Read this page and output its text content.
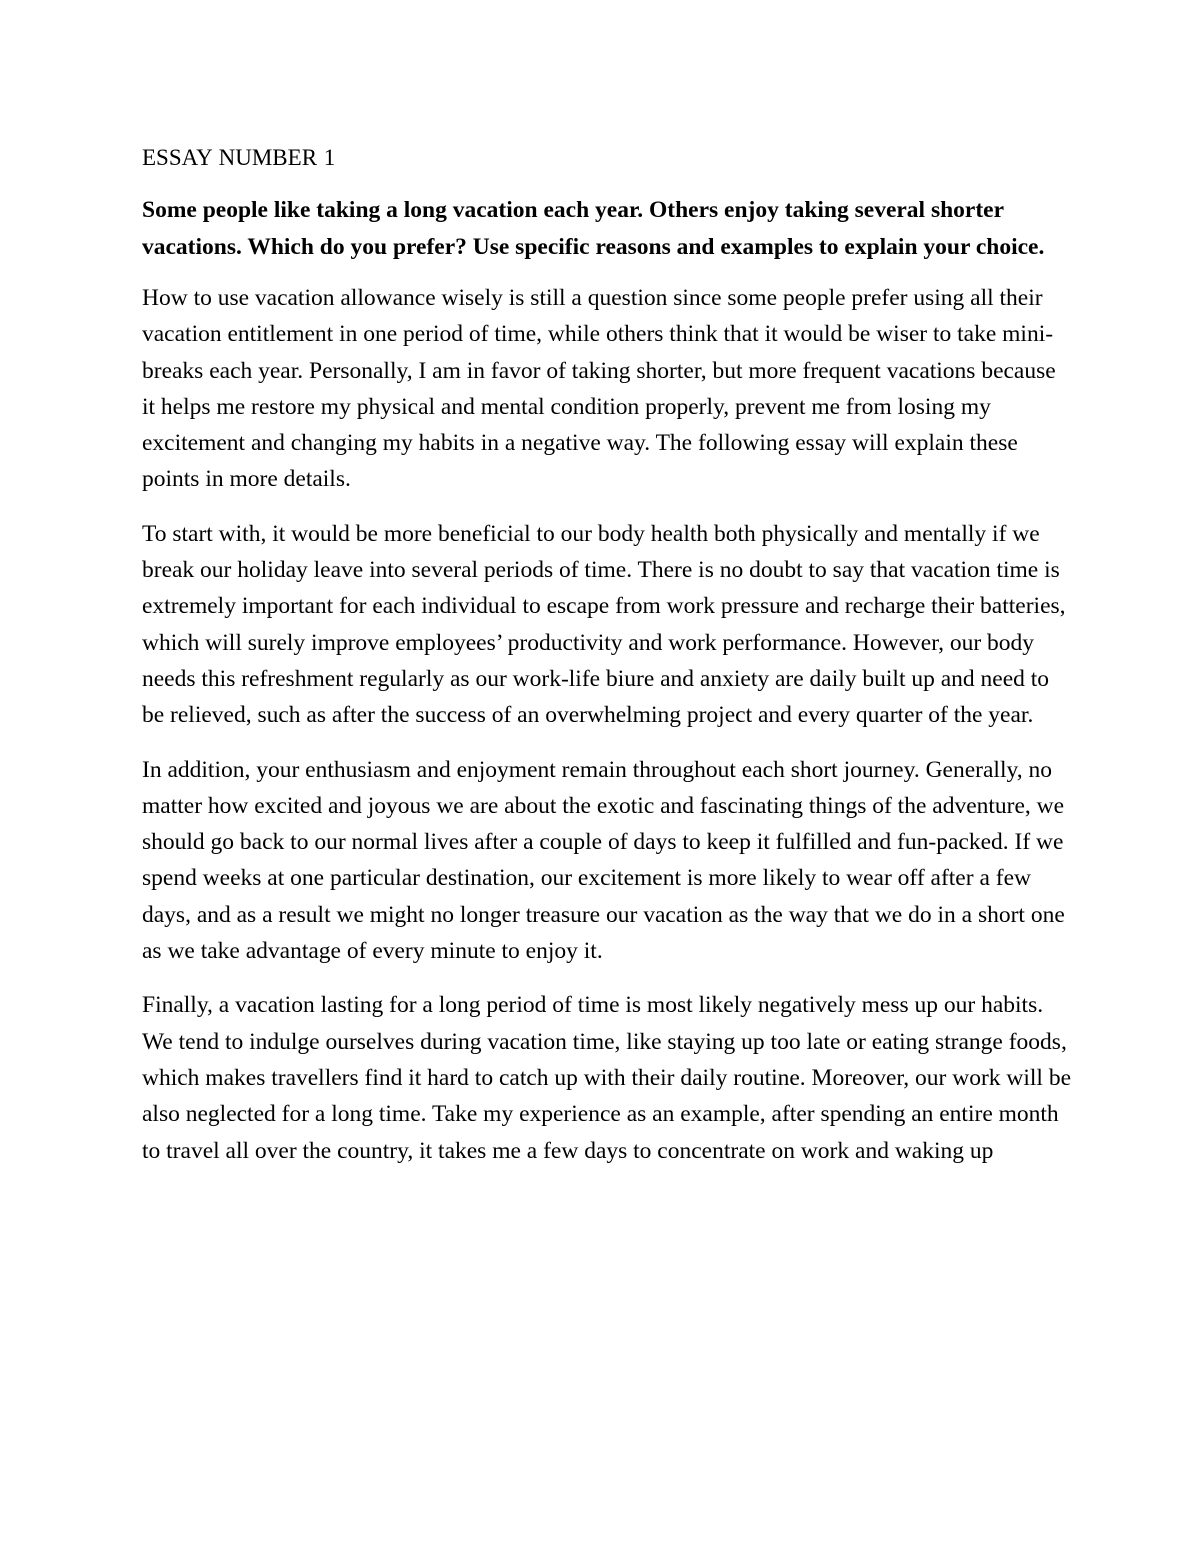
ESSAY NUMBER 1

Some people like taking a long vacation each year. Others enjoy taking several shorter vacations. Which do you prefer? Use specific reasons and examples to explain your choice.

How to use vacation allowance wisely is still a question since some people prefer using all their vacation entitlement in one period of time, while others think that it would be wiser to take mini-breaks each year. Personally, I am in favor of taking shorter, but more frequent vacations because it helps me restore my physical and mental condition properly, prevent me from losing my excitement and changing my habits in a negative way. The following essay will explain these points in more details.

To start with, it would be more beneficial to our body health both physically and mentally if we break our holiday leave into several periods of time. There is no doubt to say that vacation time is extremely important for each individual to escape from work pressure and recharge their batteries, which will surely improve employees’ productivity and work performance. However, our body needs this refreshment regularly as our work-life biure and anxiety are daily built up and need to be relieved, such as after the success of an overwhelming project and every quarter of the year.

In addition, your enthusiasm and enjoyment remain throughout each short journey. Generally, no matter how excited and joyous we are about the exotic and fascinating things of the adventure, we should go back to our normal lives after a couple of days to keep it fulfilled and fun-packed. If we spend weeks at one particular destination, our excitement is more likely to wear off after a few days, and as a result we might no longer treasure our vacation as the way that we do in a short one as we take advantage of every minute to enjoy it.

Finally, a vacation lasting for a long period of time is most likely negatively mess up our habits. We tend to indulge ourselves during vacation time, like staying up too late or eating strange foods, which makes travellers find it hard to catch up with their daily routine. Moreover, our work will be also neglected for a long time. Take my experience as an example, after spending an entire month to travel all over the country, it takes me a few days to concentrate on work and waking up
